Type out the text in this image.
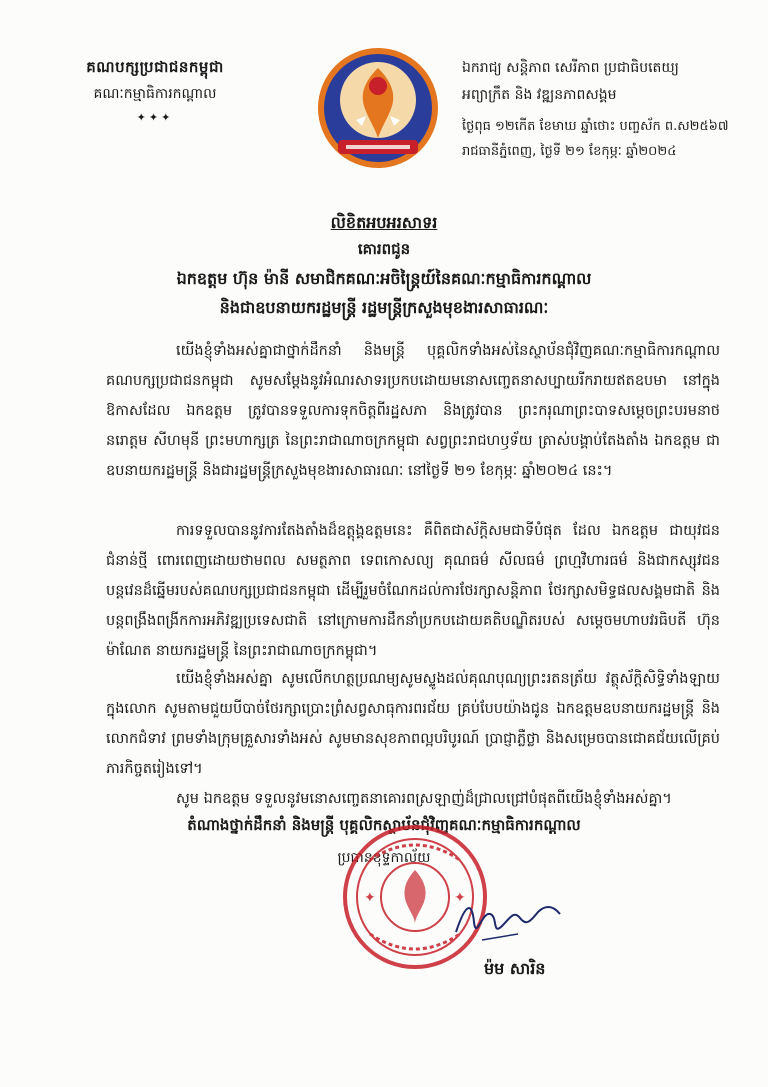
គណបក្សប្រជាជនកម្ពុជា
គណៈកម្មាធិការកណ្តាល
✦✦✦
ឯករាជ្យ សន្តិភាព សេរីភាព ប្រជាធិបតេយ្យ
អព្យាក្រឹត និង វឌ្ឍនភាពសង្គម
ថ្ងៃពុធ ១២កើត ខែមាឃ ឆ្នាំថោះ បញ្ចស័ក ព.ស២៥៦៧
រាជធានីភ្នំពេញ, ថ្ងៃទី ២១ ខែកុម្ភៈ ឆ្នាំ២០២៤
លិខិតអបអរសាទរ
គោរពជូន
ឯកឧត្តម ហ៊ុន ម៉ានី សមាជិកគណៈអចិន្ត្រៃយ៍នៃគណៈកម្មាធិការកណ្តាល
និងជាឧបនាយករដ្ឋមន្ត្រី រដ្ឋមន្ត្រីក្រសួងមុខងារសាធារណៈ
យើងខ្ញុំទាំងអស់គ្នាជាថ្នាក់ដឹកនាំ និងមន្ត្រី បុគ្គលិកទាំងអស់នៃស្ថាប័នជុំវិញគណៈកម្មាធិការកណ្តាល គណបក្សប្រជាជនកម្ពុជា សូមសម្តែងនូវអំណរសាទរប្រកបដោយមនោសញ្ចេតនាសប្បាយរីករាយឥតឧបមា នៅក្នុងឱកាសដែល ឯកឧត្តម ត្រូវបានទទួលការទុកចិត្តពីរដ្ឋសភា និងត្រូវបាន ព្រះករុណាព្រះបាទសម្តេចព្រះបរមនាថ នរោត្តម សីហមុនី ព្រះមហាក្សត្រ នៃព្រះរាជាណាចក្រកម្ពុជា សព្វព្រះរាជហឫទ័យ ត្រាស់បង្គាប់តែងតាំង ឯកឧត្តម ជា ឧបនាយករដ្ឋមន្ត្រី និងជារដ្ឋមន្ត្រីក្រសួងមុខងារសាធារណៈ នៅថ្ងៃទី ២១ ខែកុម្ភៈ ឆ្នាំ២០២៤ នេះ។
ការទទួលបាននូវការតែងតាំងដ៏ឧត្តុង្គឧត្តមនេះ គឺពិតជាស័ក្តិសមជាទីបំផុត ដែល ឯកឧត្តម ជាយុវជនជំនាន់ថ្មី ពោរពេញដោយថាមពល សមត្ថភាព ទេពកោសល្យ គុណធម៌ សីលធម៌ ព្រហ្មវិហារធម៌ និងជាកស្សុវជនបន្តវេនដ៏ឆ្នើមរបស់គណបក្សប្រជាជនកម្ពុជា ដើម្បីរួមចំណែកដល់ការថែរក្សាសន្តិភាព ថែរក្សាសមិទ្ធផលសង្គមជាតិ និងបន្តពង្រឹងពង្រីកការអភិវឌ្ឍប្រទេសជាតិ នៅក្រោមការដឹកនាំប្រកបដោយគតិបណ្ឌិតរបស់ សម្តេចមហាបវរធិបតី ហ៊ុន ម៉ាណែត នាយករដ្ឋមន្ត្រី នៃព្រះរាជាណាចក្រកម្ពុជា។
យើងខ្ញុំទាំងអស់គ្នា សូមលើកហត្ថប្រណម្យសូមស្ទូងដល់គុណបុណ្យព្រះរតនត្រ័យ វត្ថុស័ក្តិសិទ្ធិទាំងឡាយក្នុងលោក សូមតាមជួយបីបាច់ថែរក្សាប្រោះព្រំសព្វសាធុការពរជ័យ គ្រប់បែបយ៉ាងជូន ឯកឧត្តមឧបនាយករដ្ឋមន្ត្រី និង លោកជំទាវ ព្រមទាំងក្រុមគ្រួសារទាំងអស់ សូមមានសុខភាពល្អបរិបូរណ៍ ប្រាជ្ញាភ្លឺថ្លា និងសម្រេចបានជោគជ័យលើគ្រប់ភារកិច្ចតរៀងទៅ។
សូម ឯកឧត្តម ទទួលនូវមនោសញ្ចេតនាគោរពស្រឡាញ់ដ៏ជ្រាលជ្រៅបំផុតពីយើងខ្ញុំទាំងអស់គ្នា។
តំណាងថ្នាក់ដឹកនាំ និងមន្ត្រី បុគ្គលិកស្ថាប័នជុំវិញគណៈកម្មាធិការកណ្តាល
ប្រធានខុទ្ទកាល័យ
✦	✦
ម៉ម សារិន
